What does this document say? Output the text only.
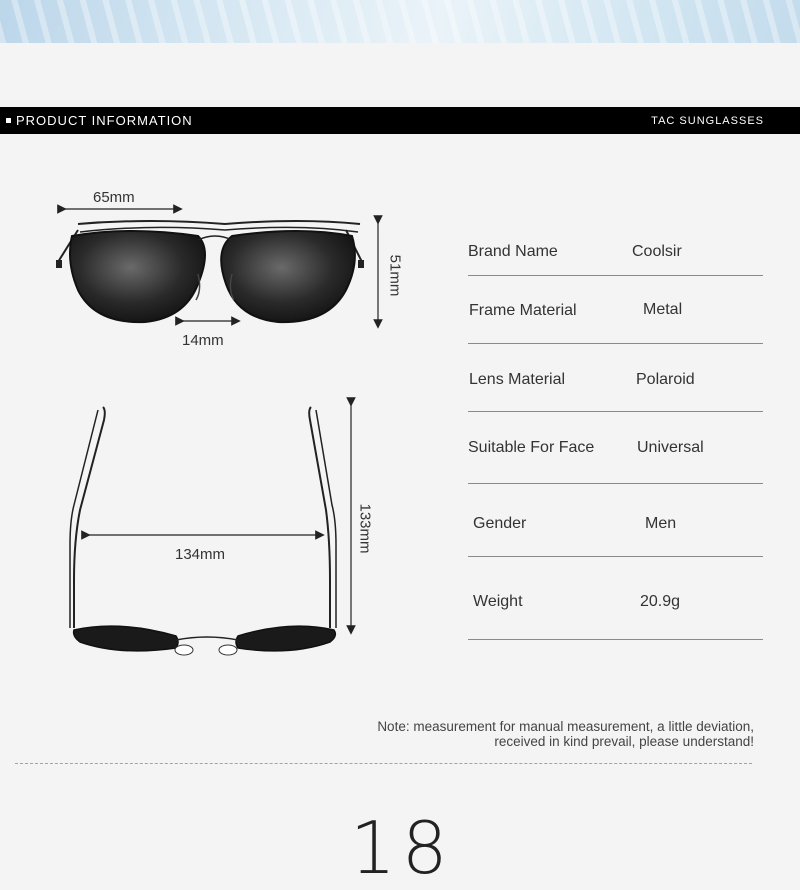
PRODUCT INFORMATION	TAC SUNGLASSES
65mm
14mm
51mm
134mm
133mm
Brand Name	Coolsir
Frame Material	Metal
Lens Material	Polaroid
Suitable For Face	Universal
Gender	Men
Weight	20.9g
Note: measurement for manual measurement, a little deviation,
received in kind prevail, please understand!
18
